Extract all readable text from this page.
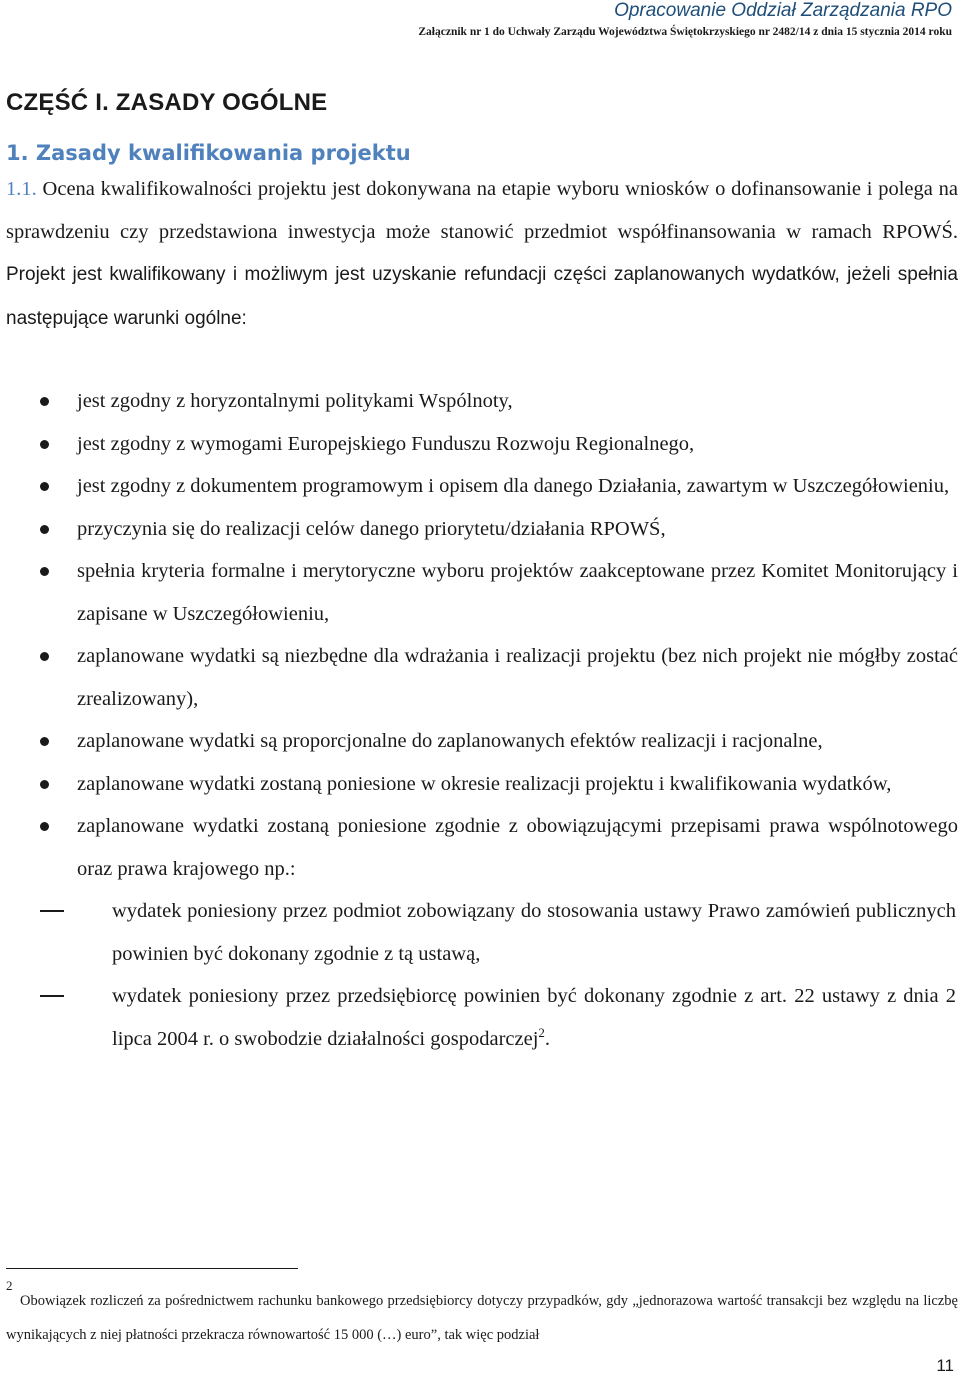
Opracowanie Oddział Zarządzania RPO
Załącznik nr 1 do Uchwały Zarządu Województwa Świętokrzyskiego nr 2482/14 z dnia 15 stycznia 2014 roku
CZĘŚĆ I. ZASADY OGÓLNE
1. Zasady kwalifikowania projektu
1.1. Ocena kwalifikowalności projektu jest dokonywana na etapie wyboru wniosków o dofinansowanie i polega na sprawdzeniu czy przedstawiona inwestycja może stanowić przedmiot współfinansowania w ramach RPOWŚ. Projekt jest kwalifikowany i możliwym jest uzyskanie refundacji części zaplanowanych wydatków, jeżeli spełnia następujące warunki ogólne:
jest zgodny z horyzontalnymi politykami Wspólnoty,
jest zgodny z wymogami Europejskiego Funduszu Rozwoju Regionalnego,
jest zgodny z dokumentem programowym i opisem dla danego Działania, zawartym w Uszczegółowieniu,
przyczynia się do realizacji celów danego priorytetu/działania RPOWŚ,
spełnia kryteria formalne i merytoryczne wyboru projektów zaakceptowane przez Komitet Monitorujący i zapisane w Uszczegółowieniu,
zaplanowane wydatki są niezbędne dla wdrażania i realizacji projektu (bez nich projekt nie mógłby zostać zrealizowany),
zaplanowane wydatki są proporcjonalne do zaplanowanych efektów realizacji i racjonalne,
zaplanowane wydatki zostaną poniesione w okresie realizacji projektu i kwalifikowania wydatków,
zaplanowane wydatki zostaną poniesione zgodnie z obowiązującymi przepisami prawa wspólnotowego oraz prawa krajowego np.:
wydatek poniesiony przez podmiot zobowiązany do stosowania ustawy Prawo zamówień publicznych powinien być dokonany zgodnie z tą ustawą,
wydatek poniesiony przez przedsiębiorcę powinien być dokonany zgodnie z art. 22 ustawy z dnia 2 lipca 2004 r. o swobodzie działalności gospodarczej$^2$.
2
Obowiązek rozliczeń za pośrednictwem rachunku bankowego przedsiębiorcy dotyczy przypadków, gdy „jednorazowa wartość transakcji bez względu na liczbę wynikających z niej płatności przekracza równowartość 15 000 (…) euro”, tak więc podział
11
